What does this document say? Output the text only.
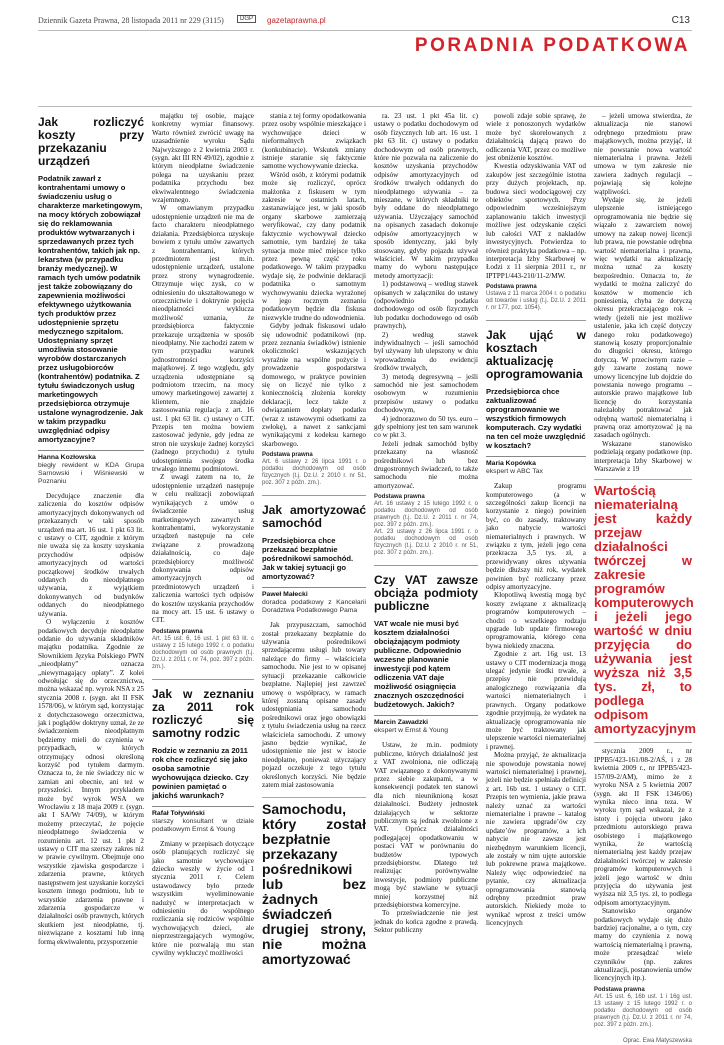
Dziennik Gazeta Prawna, 28 listopada 2011 nr 229 (3115)	DGP	gazetaprawna.pl	C13
PORADNIA PODATKOWA
Jak rozliczyć koszty przy przekazaniu urządzeń
Podatnik zawarł z kontrahentami umowy o świadczeniu usług o charakterze marketingowym, na mocy których zobowiązał się do reklamowania produktów wytwarzanych i sprzedawanych przez tych kontrahentów, takich jak np. lekarstwa (w przypadku branży medycznej). W ramach tych umów podatnik jest także zobowiązany do zapewnienia możliwości efektywnego użytkowania tych produktów przez udostępnienie sprzętu medycznego szpitalom. Udostępniany sprzęt umożliwia stosowanie wyrobów dostarczanych przez usługobiorców (kontrahentów) podatnika. Z tytułu świadczonych usług marketingowych przedsiębiorca otrzymuje ustalone wynagrodzenie. Jak w takim przypadku uwzględniać odpisy amortyzacyjne?
Hanna Kozłowska
biegły rewident w KDA Grupa Sarnowski i Wiśniewski w Poznaniu

Decydujące znaczenie dla zaliczenia do kosztów odpisów amortyzacyjnych dokonywanych od przekazanych w taki sposób urządzeń ma art. 16 ust. 1 pkt 63 lit. c ustawy o CIT, zgodnie z którym nie uważa się za koszty uzyskania przychodów odpisów amortyzacyjnych od wartości początkowej środków trwałych oddanych do nieodpłatnego używania, z wyjątkiem dokonywanych od budynków oddanych do nieodpłatnego używania.

O wyłączeniu z kosztów podatkowych decyduje nieodpłatne oddanie do używania składników majątku podatnika. Zgodnie ze Słownikiem Języka Polskiego PWN „nieodpłatny” oznacza „niewymagający opłaty”. Z kolei odwołując się do orzecznictwa, można wskazać np. wyrok NSA z 25 stycznia 2008 r. (sygn. akt II FSK 1578/06), w którym sąd, korzystając z dotychczasowego orzecznictwa, jak i poglądów doktryny uznał, że ze świadczeniem nieodpłatnym będziemy mieli do czynienia w przypadkach, w których otrzymujący odnosi określoną korzyść pod tytułem darmym. Oznacza to, że nie świadczy nic w zamian ani obecnie, ani też w przyszłości. Innym przykładem może być wyrok WSA we Wrocławiu z 18 maja 2009 r. (sygn. akt I SA/Wr 74/09), w którym możemy przeczytać, że pojęcie nieodpłatnego świadczenia w rozumieniu art. 12 ust. 1 pkt 2 ustawy o CIT ma szerszy zakres niż w prawie cywilnym. Obejmuje ono wszystkie zjawiska gospodarcze i zdarzenia prawne, których następstwem jest uzyskanie korzyści kosztem innego podmiotu, lub te wszystkie zdarzenia prawne i zdarzenia gospodarcze w działalności osób prawnych, których skutkiem jest nieodpłatne, tj. niezwiązane z kosztami lub inną formą ekwiwalentu, przysporzenie

majątku tej osobie, mające konkretny wymiar finansowy. Warto również zwrócić uwagę na uzasadnienie wyroku Sądu Najwyższego z 2 kwietnia 2003 r. (sygn. akt III RN 49/02), zgodnie z którym nieodpłatne świadczenie polega na uzyskaniu przez podatnika przychodu bez ekwiwalentnego świadczenia wzajemnego.

W omawianym przypadku udostępnienie urządzeń nie ma de facto charakteru nieodpłatnego działania. Przedsiębiorca uzyskuje bowiem z tytułu umów zawartych z kontrahentami, których przedmiotem jest m.in. udostępnienie urządzeń, ustalone przez strony wynagrodzenie. Otrzymuje więc zysk, co w odniesieniu do ukształtowanego w orzecznictwie i doktrynie pojęcia nieodpłatności wyklucza możliwość uznania, że przedsiębiorca faktycznie przekazuje urządzenia w sposób nieodpłatny. Nie zachodzi zatem w tym przypadku warunek jednostronności korzyści majątkowej. Z tego względu, gdy urządzenia udostępniane są podmiotom trzecim, na mocy umowy marketingowej zawartej z klientem, nie znajdzie zastosowania regulacja z art. 16 ust. 1 pkt 63 lit. c) ustawy o CIT. Przepis ten można bowiem zastosować jedynie, gdy jedna ze stron nie uzyskuje żadnej korzyści (żadnego przychodu) z tytułu udostępnienia swojego środka trwałego innemu podmiotowi.

Z uwagi zatem na to, że udostępnienie urządzeń następuje w celu realizacji zobowiązań wynikających z umów o świadczenie usług marketingowych zawartych z kontrahentami, wykorzystanie urządzeń następuje na cele związane z prowadzoną działalnością, co daje przedsiębiorcy możliwość dokonywania odpisów amortyzacyjnych od przedmiotowych urządzeń i zaliczenia wartości tych odpisów do kosztów uzyskania przychodów na mocy art. 15 ust. 6 ustawy o CIT.

Podstawa prawna
Art. 15 ust. 6, 16 ust. 1 pkt 63 lit. c ustawy z 15 lutego 1992 r. o podatku dochodowym od osób prawnych (t.j. Dz.U. z 2011 r. nr 74, poz. 397 z późn. zm.).
Jak w zeznaniu za 2011 rok rozliczyć się samotny rodzic
Rodzic w zeznaniu za 2011 rok chce rozliczyć się jako osoba samotnie wychowująca dziecko. Czy powinien pamiętać o jakichś warunkach?
Rafał Toływiński
starszy konsultant w dziale podatkowym Ernst & Young

Zmiany w przepisach dotyczące osób planujących rozliczyć się jako samotnie wychowujące dziecko weszły w życie od 1 stycznia 2011 r. Celem ustawodawcy było przede wszystkim wyeliminowanie nadużyć w interpretacjach w odniesieniu do wspólnego rozliczania się rodziców wspólnie wychowujących dzieci, ale nieprzestrzegających wymogów, które nie pozwalają mu stan cywilny wykluczyć możliwości

stania z tej formy opodatkowania przez osoby wspólnie mieszkające i wychowujące dzieci w nieformalnych związkach (konkubinacie). Wskutek zmiany istnieje staranie się faktycznie samotne wychowywanie dziecka.

Wśród osób, z którymi podatnik może się rozliczyć, oprócz małżonka z fiskusem w tym zakresie w ostatnich latach, zastanawiające jest, w jaki sposób organy skarbowe zamierzają weryfikować, czy dany podatnik faktycznie wychowywał dziecko samotnie, tym bardziej że taka sytuacja może mieć miejsce tylko przez pewną część roku podatkowego. W takim przypadku wydaje się, że podwinie deklaracji podatnika o samotnym wychowywaniu dziecka wyrażonej w jego rocznym zeznaniu podatkowym będzie dla fiskusa niezwykle trudne do udowodnienia.

Gdyby jednak fiskusowi udało się udowodnić podatnikowi (np. przez zeznania świadków) istnienie okoliczności wskazujących wyraźnie na wspólne pożycie i prowadzenie gospodarstwa domowego, w praktyce powinien się on liczyć nie tylko z koniecznością złożenia korekty deklaracji, lecz także z odwiązaniem dopłaty podatku (wraz z ustawowymi odsetkami za zwłokę), a nawet z sankcjami wynikającymi z kodeksu karnego skarbowego.

Podstawa prawna
Art. 6 ustawy z 26 lipca 1991 r. o podatku dochodowym od osób fizycznych (t.j. Dz.U. z 2010 r. nr 51, poz. 307 z późn. zm.).
Jak amortyzować samochód
Przedsiębiorca chce przekazać bezpłatnie pośrednikowi samochód. Jak w takiej sytuacji go amortyzować?
Paweł Małecki
doradca podatkowy z Kancelarii Doradztwa Podatkowego Pama

Jak przypuszczam, samochód został przekazany bezpłatnie do używania pośrednikowi sprzedającemu usługi lub towary należące do firmy – właściciela samochodu. Nie jest to w opisanej sytuacji przekazanie całkowicie bezpłatne. Najlepiej jest zawrzeć umowę o współpracy, w ramach której zostaną opisane zasady udostępniania samochodu pośrednikowi oraz jego obowiązki z tytułu świadczenia usług na rzecz właściciela samochodu. Z umowy jasno będzie wynikać, że udostępnienie nie jest w istocie nieodpłatne, ponieważ użyczający pojazd oczekuje z tego tytułu określonych korzyści. Nie będzie zatem miał zastosowania

Samochodu, który został bezpłatnie przekazany pośrednikowi lub bez żadnych świadczeń drugiej strony, nie można amortyzować

ra. 23 ust. 1 pkt 45a lit. c) ustawy o podatku dochodowym od osób fizycznych lub art. 16 ust. 1 pkt 63 lit. c) ustawy o podatku dochodowym od osób prawnych, które nie pozwala na zaliczenie do kosztów uzyskania przychodów odpisów amortyzacyjnych od środków trwałych oddanych do nieodpłatnego używania – za mieszane, w których składniki te były oddane do nieodpłatnego używania. Użyczający samochód na opisanych zasadach dokonuje odpisów amortyzacyjnych w sposób identyczny, jaki były stosowany, gdyby pojazdu używał właściciel. W takim przypadku mamy do wyboru następujące metody amortyzacji:

1) podstawową – według stawek opisanych w załączniku do ustawy (odpowiednio podatku dochodowego od osób fizycznych lub podatku dochodowego od osób prawnych),

2) według stawek indywidualnych – jeśli samochód był używany lub ulepszony w dniu wprowadzenia do ewidencji środków trwałych,

3) metodą degresywną – jeśli samochód nie jest samochodem osobowym w rozumieniu przepisów ustawy o podatku dochodowym,

4) jednorazowo do 50 tys. euro – gdy spełniony jest ten sam warunek co w pkt 3.

Jeżeli jednak samochód byłby przekazany na własność pośrednikowi lub bez drugostronnych świadczeń, to także samochodu nie można amortyzować.

Podstawa prawna
Art. 16 ustawy z 15 lutego 1992 r. o podatku dochodowym od osób prawnych (t.j. Dz.U. z 2011 r. nr 74, poz. 397 z późn. zm.).
Art. 23 ustawy z 26 lipca 1991 r. o podatku dochodowym od osób fizycznych (t.j. Dz.U. z 2010 r. nr 51, poz. 307 z późn. zm.).
Czy VAT zawsze obciąża podmioty publiczne
VAT wcale nie musi być kosztem działalności obciążającym podmioty publiczne. Odpowiednio wczesne planowanie inwestycji pod kątem odliczenia VAT daje możliwość osiągnięcia znacznych oszczędności budżetowych. Jakich?
Marcin Zawadzki
ekspert w Ernst & Young

Ustaw, że m.in. podmioty publiczne, których działalność jest z VAT zwolniona, nie odliczają VAT związanego z dokonywanymi przez siebie zakupami, a w konsekwencji podatek ten stanowi dla nich nieuniknioną koszt działalności. Budżety jednostek działających w sektorze publicznym są jednak zwolnione z VAT. Oprócz działalności podlegającej opodatkowaniu w postaci VAT w porównaniu do budżetów typowych przedsiębiorstw. Dlatego też realizując porównywalne inwestycje, podmioty publiczne mogą być stawiane w sytuacji mniej korzystnej niż przedsiębiorstwa komercyjne.

To przeświadczenie nie jest jednak do końca zgodne z prawdą. Sektor publiczny

powoli zdaje sobie sprawę, że wiele z ponoszonych wydatków może być skorelowanych z działalnością dającą prawo do odliczenia VAT, przez co możliwe jest obniżenie kosztów.

Kwestia odzyskiwania VAT od zakupów jest szczególnie istotna przy dużych projektach, np. budowa sieci wodociągowej czy obiektów sportowych. Przy odpowiednim wcześniejszym zaplanowaniu takich inwestycji możliwe jest odzyskanie części lub całości VAT z nakładów inwestycyjnych. Potwierdza to również praktyka podatkowa – np. interpretacja Izby Skarbowej w Łodzi z 11 sierpnia 2011 r., nr IPTPP1/443-210/11-2/MW.

Podstawa prawna
Ustawa z 11 marca 2004 r. o podatku od towarów i usług (t.j. Dz.U. z 2011 r. nr 177, poz. 1054).
Jak ująć w kosztach aktualizację oprogramowania
Przedsiębiorca chce zaktualizować oprogramowanie we wszystkich firmowych komputerach. Czy wydatki na ten cel może uwzględnić w kosztach?
Maria Kopówka
ekspert w ABC Tax

Zakup programu komputerowego (a w szczególności zakup licencji na korzystanie z niego) powinien być, co do zasady, traktowany jako nabycie wartości niematerialnych i prawnych. W związku z tym, jeżeli jego cena przekracza 3,5 tys. zł, a przewidywany okres używania będzie dłuższy niż rok, wydatek powinien być rozliczany przez odpisy amortyzacyjne.

Kłopotliwą kwestią mogą być koszty związane z aktualizacją programów komputerowych – chodzi o wszelkiego rodzaju upgrade lub update firmowego oprogramowania, którego cena bywa niekiedy znaczna.

Zgodnie z art. 16g ust. 13 ustawy o CIT modernizacja mogą ulegać jedynie środki trwałe, a przepisy nie przewidują analogicznego rozwiązania dla wartości niematerialnych i prawnych. Organy podatkowe zgodnie przyjmują, że wydatek na aktualizację oprogramowania nie może być traktowany jak ulepszenie wartości niematerialnej i prawnej.

Można przyjąć, że aktualizacja nie spowoduje powstania nowej wartości niematerialnej i prawnej, jeżeli nie będzie spełniała definicji z art. 16b ust. 1 ustawy o CIT. Przepis ten wymienia, jakie prawa należy uznać za wartości niematerialne i prawne – katalog nie zawiera upgrade’ów czy update’ów programów, a ich nabycie nie zawsze jest niezbędnym warunkiem licencji, ale zostały w nim ujęte autorskie lub pokrewne prawa majątkowe. Należy więc odpowiedzieć na pytanie, czy aktualizacja oprogramowania stanowią odrębny przedmiot praw autorskich. Niekiedy może to wynikać wprost z treści umów licencyjnych

– jeżeli umowa stwierdza, że aktualizacja nie stanowi odrębnego przedmiotu praw majątkowych, można przyjąć, iż nie powstanie nowa wartość niematerialna i prawna. Jeżeli umowa w tym zakresie nie zawiera żadnych regulacji – pojawiają się kolejne wątpliwości.

Wydaje się, że jeżeli ulepszenie istniejącego oprogramowania nie będzie się wiązało z zawarciem nowej umowy na zakup nowej licencji lub prawa, nie powstanie odrębna wartość niematerialna i prawna, więc wydatki na aktualizację można uznać za koszty bezpośrednio. Oznacza to, że wydatki te można zaliczyć do kosztów w momencie ich poniesienia, chyba że dotyczą okresu przekraczającego rok – wtedy (jeżeli nie jest możliwe ustalenie, jaka ich część dotyczy danego roku podatkowego) stanowią koszty proporcjonalnie do długości okresu, którego dotyczą. W przeciwnym razie – gdy zawarte zostaną nowe umowy licencyjne lub dojdzie do powstania nowego programu – autorskie prawo majątkowe lub licencję do korzystania należałoby potraktować jak odrębną wartość niematerialną i prawną oraz amortyzować ją na zasadach ogólnych.

Wskazane stanowisko podzielają organy podatkowe (np. interpretacja Izby Skarbowej w Warszawie z 19

Wartością niematerialną jest każdy przejaw działalności twórczej w zakresie programów komputerowych i jeżeli jego wartość w dniu przyjęcia do używania jest wyższa niż 3,5 tys. zł, to podlega odpisom amortyzacyjnym

stycznia 2009 r., nr IPPB5/423-161/08-2/AŚ, i z 28 kwietnia 2009 r., nr IPPB5/423-157/09-2/AM), mimo że z wyroku NSA z 5 kwietnia 2007 (sygn. akt II FSK 1346/06) wynika nieco inna teza. W wyroku tym sąd wskazał, że z istoty i pojęcia utworu jako przedmiotu autorskiego prawa osobistego i majątkowego wynika, że wartością niematerialną jest każdy przejaw działalności twórczej w zakresie programów komputerowych i jeżeli jego wartość w dniu przyjęcia do używania jest wyższa niż 3,5 tys. zł, to podlega odpisom amortyzacyjnym.

Stanowisko organów podatkowych wydaje się dużo bardziej racjonalne, a o tym, czy mamy do czynienia z nową wartością niematerialną i prawną, może przesądzać wiele czynników (np. zakres aktualizacji, postanowienia umów licencyjnych itp.).

Podstawa prawna
Art. 15 ust. 6, 16b ust. 1 i 16g ust. 13 ustawy z 15 lutego 1992 r. o podatku dochodowym od osób prawnych (t.j. Dz.U. z 2011 r. nr 74, poz. 397 z późn. zm.).
Oprac. Ewa Matyszewska
